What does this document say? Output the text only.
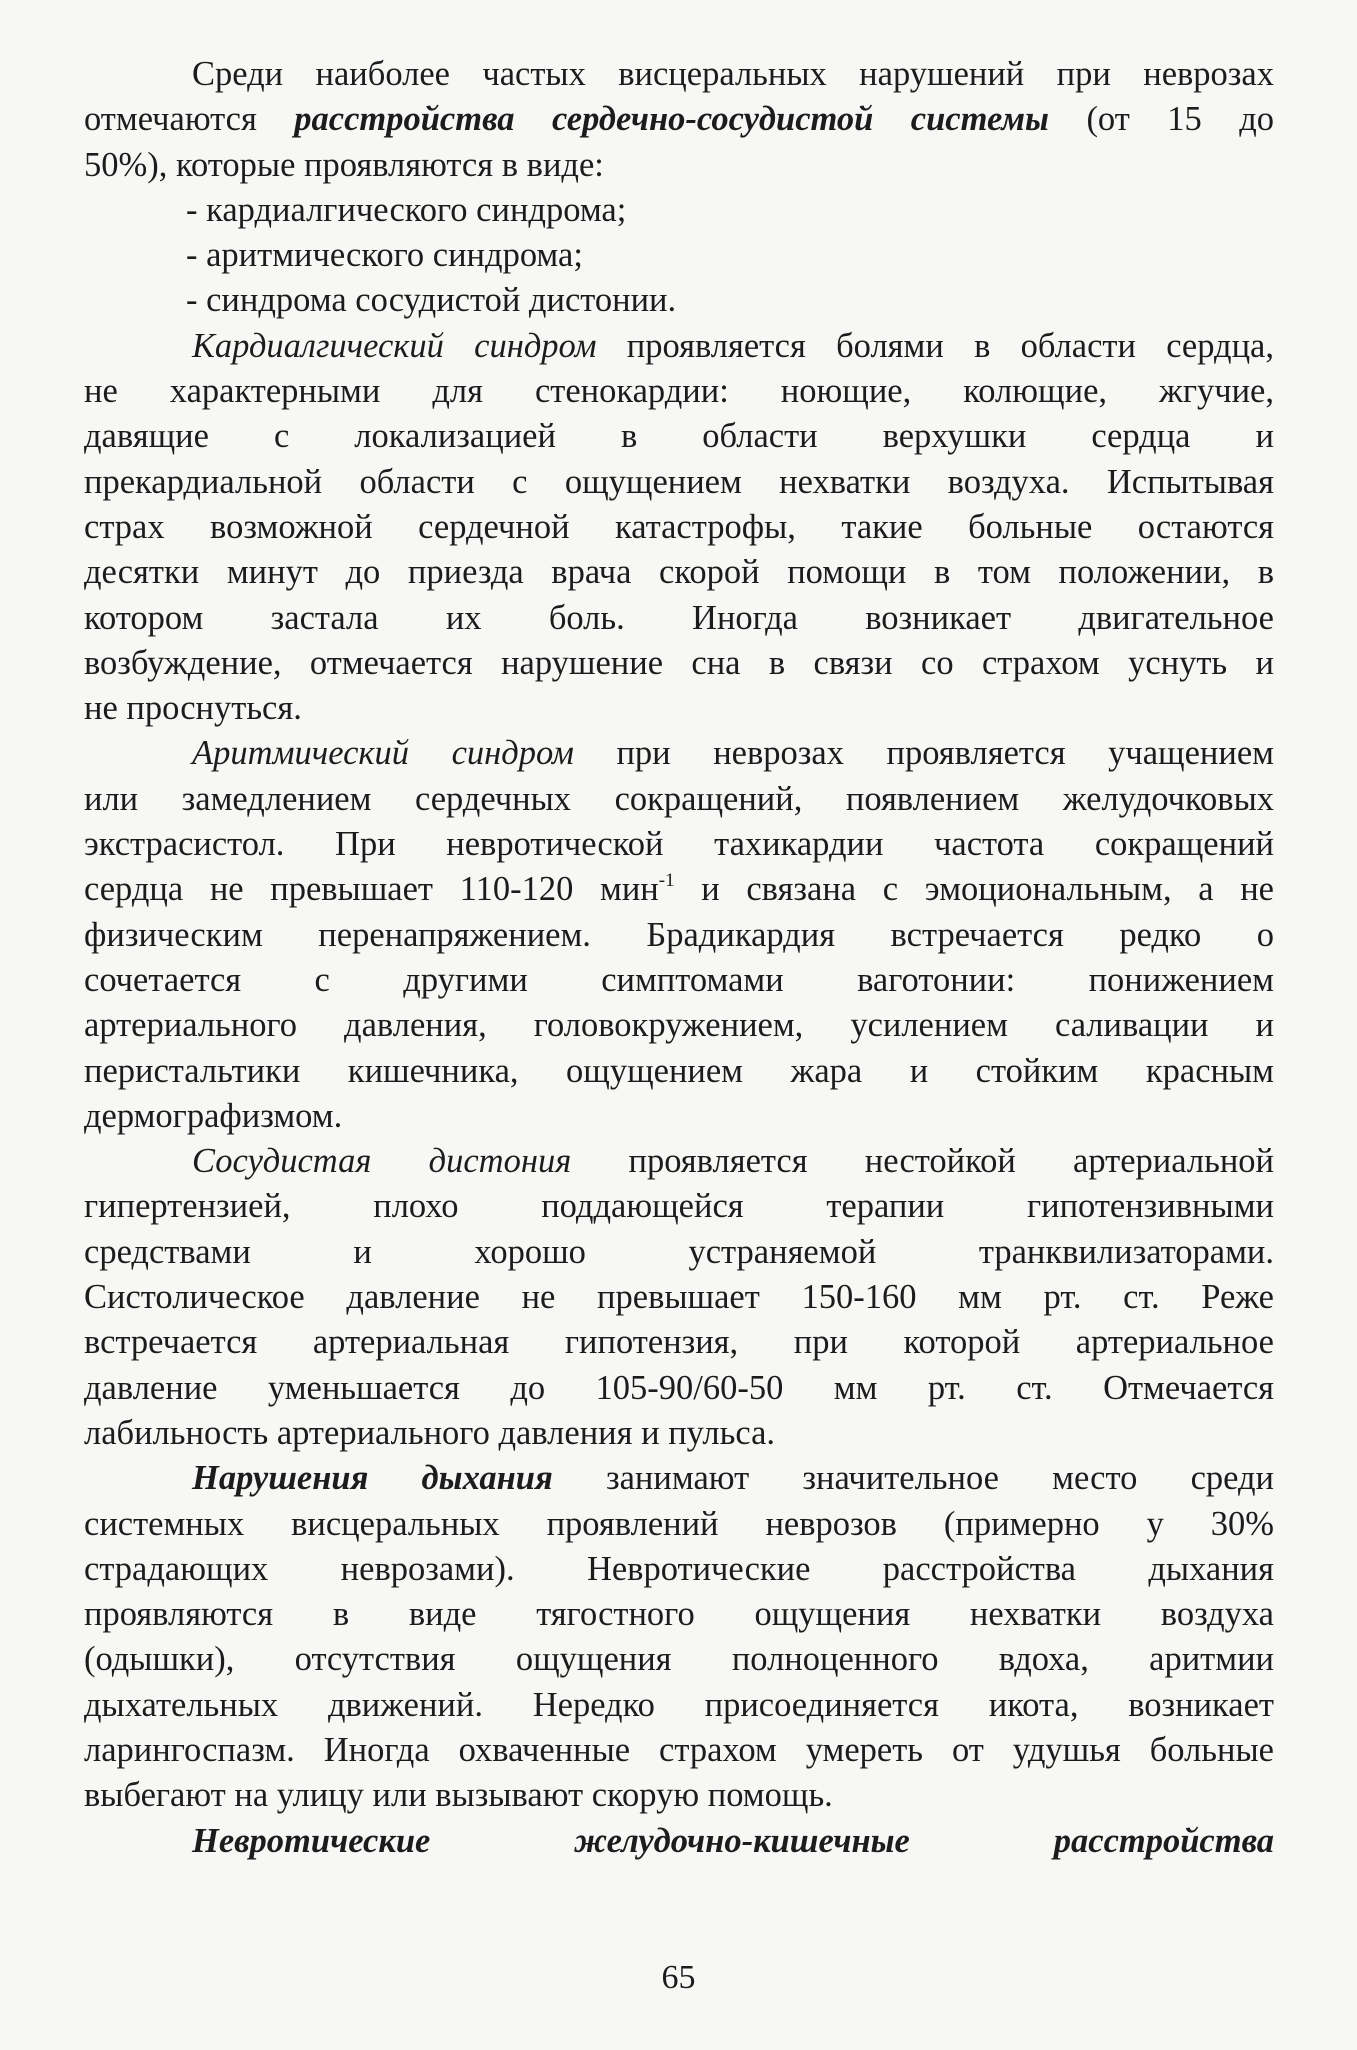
Среди наиболее частых висцеральных нарушений при неврозах
отмечаются расстройства сердечно-сосудистой системы (от 15 до
50%), которые проявляются в виде:
- кардиалгического синдрома;
- аритмического синдрома;
- синдрома сосудистой дистонии.
Кардиалгический синдром проявляется болями в области сердца,
не характерными для стенокардии: ноющие, колющие, жгучие,
давящие с локализацией в области верхушки сердца и
прекардиальной области с ощущением нехватки воздуха. Испытывая
страх возможной сердечной катастрофы, такие больные остаются
десятки минут до приезда врача скорой помощи в том положении, в
котором застала их боль. Иногда возникает двигательное
возбуждение, отмечается нарушение сна в связи со страхом уснуть и
не проснуться.
Аритмический синдром при неврозах проявляется учащением
или замедлением сердечных сокращений, появлением желудочковых
экстрасистол. При невротической тахикардии частота сокращений
сердца не превышает 110-120 мин$^{-1}$ и связана с эмоциональным, а не
физическим перенапряжением. Брадикардия встречается редко о
сочетается с другими симптомами ваготонии: понижением
артериального давления, головокружением, усилением саливации и
перистальтики кишечника, ощущением жара и стойким красным
дермографизмом.
Сосудистая дистония проявляется нестойкой артериальной
гипертензией, плохо поддающейся терапии гипотензивными
средствами и хорошо устраняемой транквилизаторами.
Систолическое давление не превышает 150-160 мм рт. ст. Реже
встречается артериальная гипотензия, при которой артериальное
давление уменьшается до 105-90/60-50 мм рт. ст. Отмечается
лабильность артериального давления и пульса.
Нарушения дыхания занимают значительное место среди
системных висцеральных проявлений неврозов (примерно у 30%
страдающих неврозами). Невротические расстройства дыхания
проявляются в виде тягостного ощущения нехватки воздуха
(одышки), отсутствия ощущения полноценного вдоха, аритмии
дыхательных движений. Нередко присоединяется икота, возникает
ларингоспазм. Иногда охваченные страхом умереть от удушья больные
выбегают на улицу или вызывают скорую помощь.
Невротические желудочно-кишечные расстройства
65
